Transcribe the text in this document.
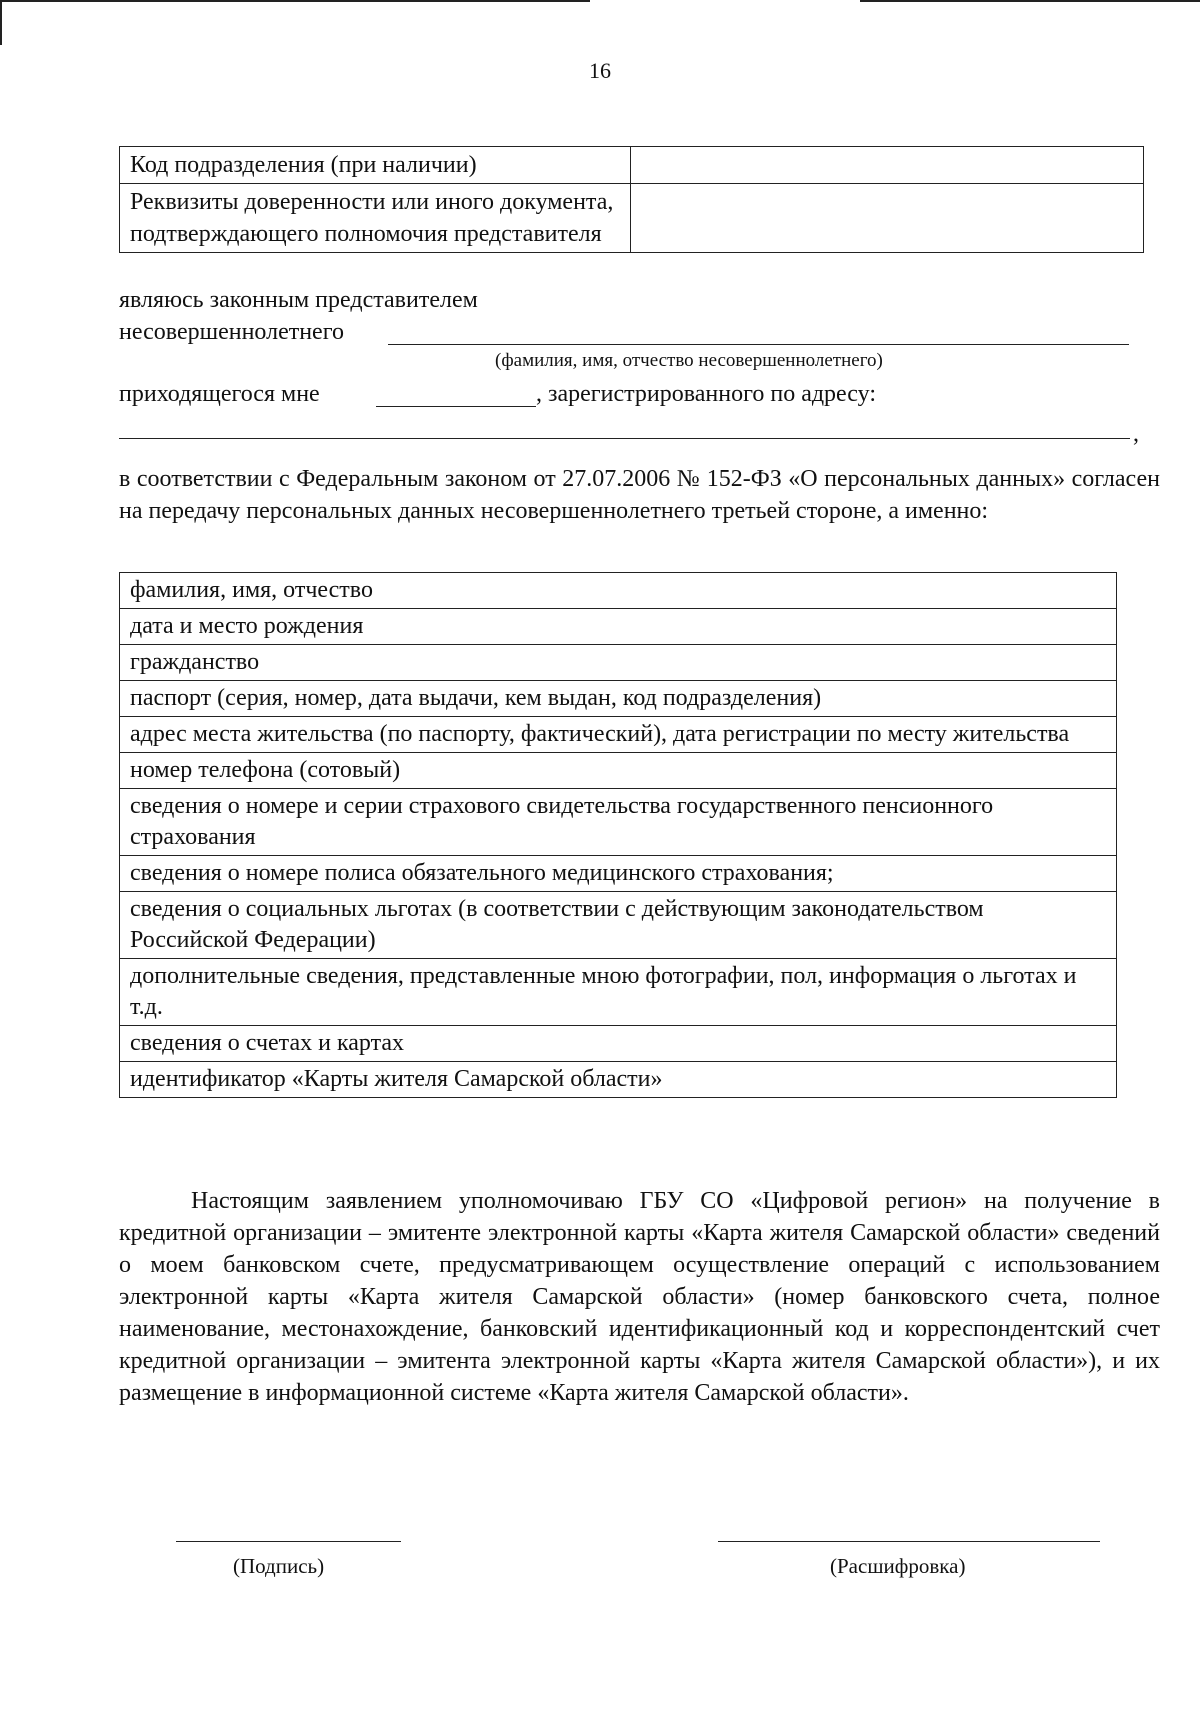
16
Код подразделения (при наличии)	
Реквизиты доверенности или иного документа, подтверждающего полномочия представителя	
являюсь законным представителем
несовершеннолетнего
(фамилия, имя, отчество несовершеннолетнего)
приходящегося мне	, зарегистрированного по адресу:
,
в соответствии с Федеральным законом от 27.07.2006 № 152-ФЗ «О персональных данных» согласен на передачу персональных данных несовершеннолетнего третьей стороне, а именно:
фамилия, имя, отчество
дата и место рождения
гражданство
паспорт (серия, номер, дата выдачи, кем выдан, код подразделения)
адрес места жительства (по паспорту, фактический), дата регистрации по месту жительства
номер телефона (сотовый)
сведения о номере и серии страхового свидетельства государственного пенсионного страхования
сведения о номере полиса обязательного медицинского страхования;
сведения о социальных льготах (в соответствии с действующим законодательством Российской Федерации)
дополнительные сведения, представленные мною фотографии, пол, информация о льготах и т.д.
сведения о счетах и картах
идентификатор «Карты жителя Самарской области»
Настоящим заявлением уполномочиваю ГБУ СО «Цифровой регион» на получение в кредитной организации – эмитенте электронной карты «Карта жителя Самарской области» сведений о моем банковском счете, предусматривающем осуществление операций с использованием электронной карты «Карта жителя Самарской области» (номер банковского счета, полное наименование, местонахождение, банковский идентификационный код и корреспондентский счет кредитной организации – эмитента электронной карты «Карта жителя Самарской области»), и их размещение в информационной системе «Карта жителя Самарской области».
(Подпись)	(Расшифровка)
